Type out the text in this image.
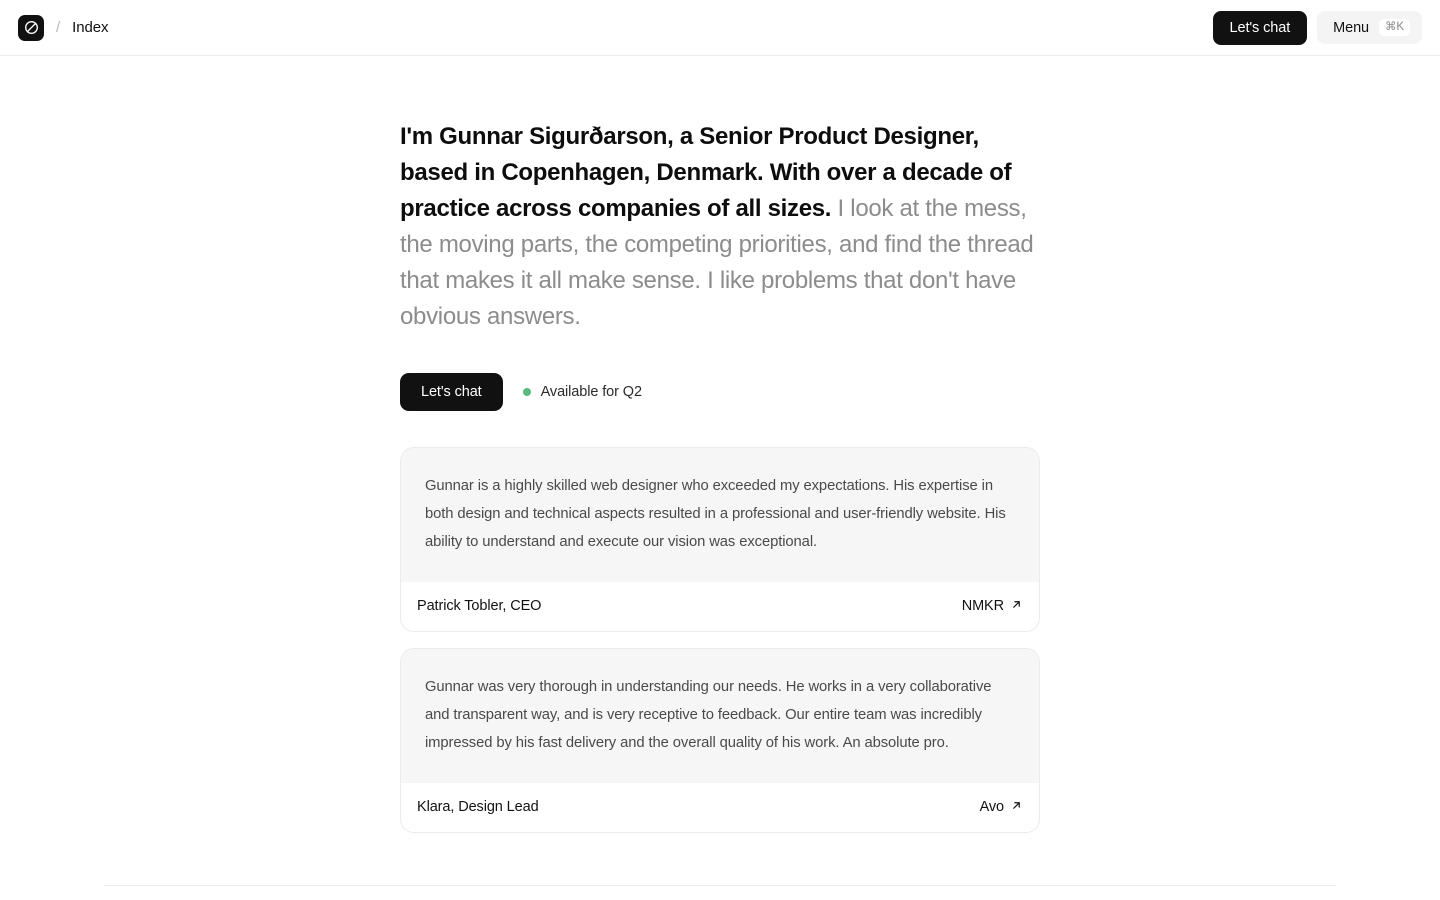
/ Index	Let's chat	Menu	⌘K

I'm Gunnar Sigurðarson, a Senior Product Designer, based in Copenhagen, Denmark. With over a decade of practice across companies of all sizes. I look at the mess, the moving parts, the competing priorities, and find the thread that makes it all make sense. I like problems that don't have obvious answers.

Let's chat	Available for Q2
Gunnar is a highly skilled web designer who exceeded my expectations. His expertise in both design and technical aspects resulted in a professional and user-friendly website. His ability to understand and execute our vision was exceptional.
Patrick Tobler, CEO	NMKR
Gunnar was very thorough in understanding our needs. He works in a very collaborative and transparent way, and is very receptive to feedback. Our entire team was incredibly impressed by his fast delivery and the overall quality of his work. An absolute pro.
Klara, Design Lead	Avo
